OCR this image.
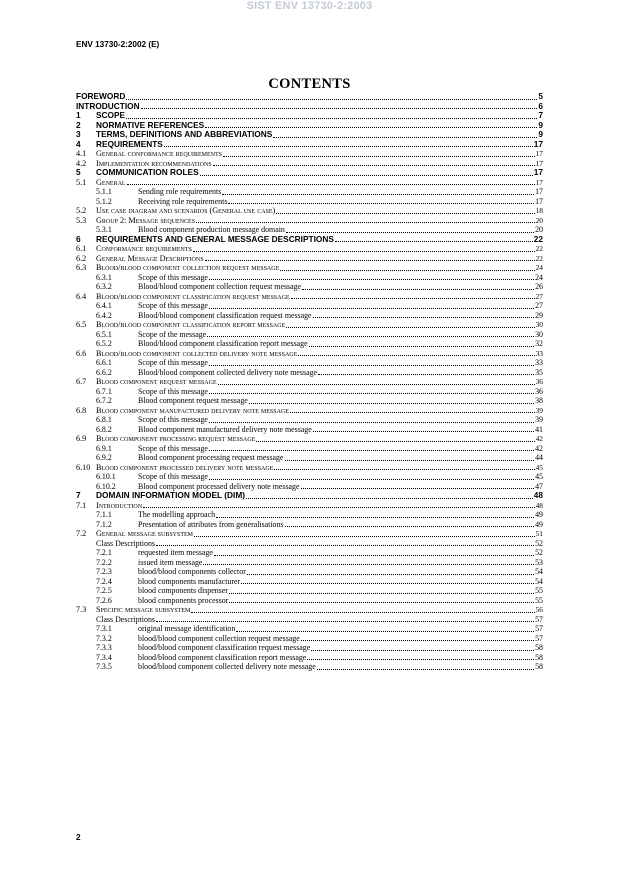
SIST ENV 13730-2:2003
ENV 13730-2:2002 (E)
CONTENTS
FOREWORD	5
INTRODUCTION	6
1	SCOPE	7
2	NORMATIVE REFERENCES	9
3	TERMS, DEFINITIONS AND ABBREVIATIONS	9
4	REQUIREMENTS	17
4.1	General conformance requirements	17
4.2	Implementation recommendations	17
5	COMMUNICATION ROLES	17
5.1	General	17
5.1.1	Sending role requirements	17
5.1.2	Receiving role requirements	17
5.2	Use case diagram and scenarios (General use case)	18
5.3	Group 2: Message sequences	20
5.3.1	Blood component production message domain	20
6	REQUIREMENTS AND GENERAL MESSAGE DESCRIPTIONS	22
6.1	Conformance requirements	22
6.2	General Message Descriptions	22
6.3	Blood/blood component collection request message	24
6.3.1	Scope of this message	24
6.3.2	Blood/blood component collection request message	26
6.4	Blood/blood component classification request message	27
6.4.1	Scope of this message	27
6.4.2	Blood/blood component classification request message	29
6.5	Blood/blood component classification report message	30
6.5.1	Scope of the message	30
6.5.2	Blood/blood component classification report message	32
6.6	Blood/blood component collected delivery note message	33
6.6.1	Scope of this message	33
6.6.2	Blood/blood component collected delivery note message	35
6.7	Blood component request message	36
6.7.1	Scope of this message	36
6.7.2	Blood component request message	38
6.8	Blood component manufactured delivery note message	39
6.8.1	Scope of this message	39
6.8.2	Blood component manufactured delivery note message	41
6.9	Blood component processing request message	42
6.9.1	Scope of this message	42
6.9.2	Blood component processing request message	44
6.10 Blood component processed delivery note message	45
6.10.1	Scope of this message	45
6.10.2	Blood component processed delivery note message	47
7	DOMAIN INFORMATION MODEL (DIM)	48
7.1	Introduction	48
7.1.1	The modelling approach	49
7.1.2	Presentation of attributes from generalisations	49
7.2	General message subsystem	51
Class Descriptions	52
7.2.1	requested item message	52
7.2.2	issued item message	53
7.2.3	blood/blood components collector	54
7.2.4	blood components manufacturer	54
7.2.5	blood components dispenser	55
7.2.6	blood components processor	55
7.3	Specific message subsystem	56
Class Descriptions	57
7.3.1	original message identification	57
7.3.2	blood/blood component collection request message	57
7.3.3	blood/blood component classification request message	58
7.3.4	blood/blood component classification report message	58
7.3.5	blood/blood component collected delivery note message	58
2
